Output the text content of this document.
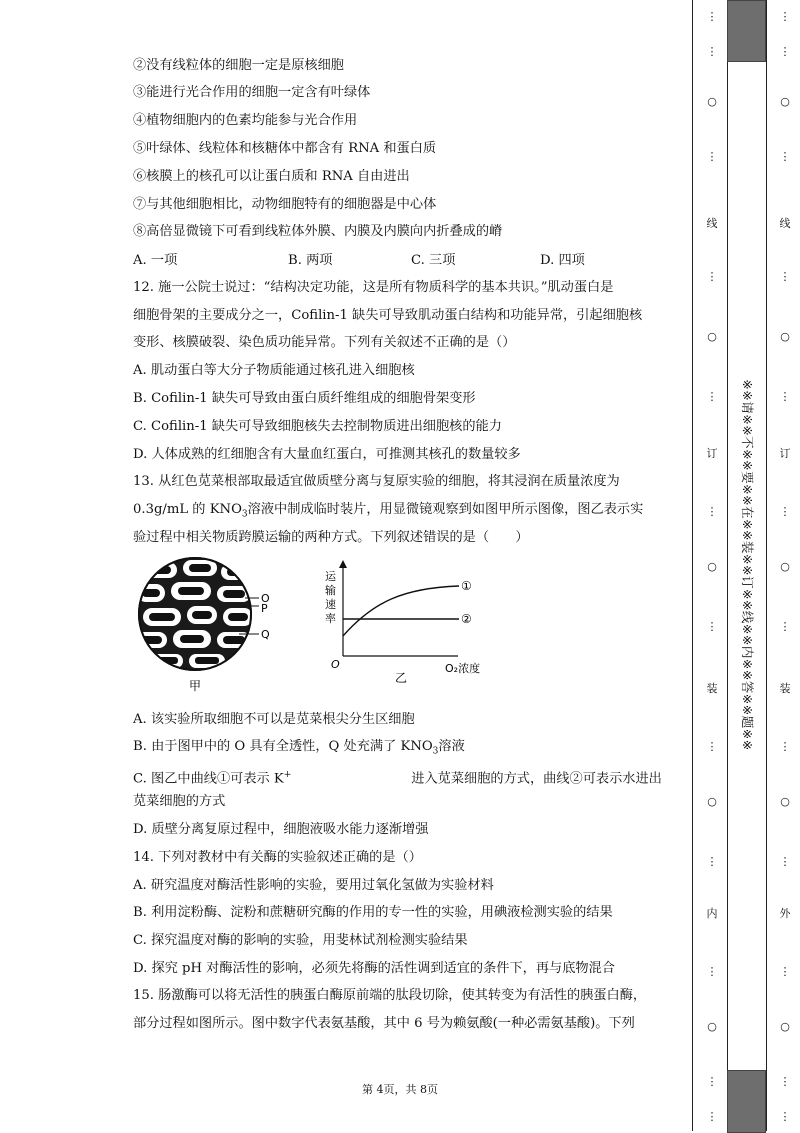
②没有线粒体的细胞一定是原核细胞
③能进行光合作用的细胞一定含有叶绿体
④植物细胞内的色素均能参与光合作用
⑤叶绿体、线粒体和核糖体中都含有 RNA 和蛋白质
⑥核膜上的核孔可以让蛋白质和 RNA 自由进出
⑦与其他细胞相比，动物细胞特有的细胞器是中心体
⑧高倍显微镜下可看到线粒体外膜、内膜及内膜向内折叠成的嵴
A. 一项	B. 两项	C. 三项	D. 四项
12. 施一公院士说过：“结构决定功能，这是所有物质科学的基本共识。”肌动蛋白是
细胞骨架的主要成分之一，Cofilin-1 缺失可导致肌动蛋白结构和功能异常，引起细胞核
变形、核膜破裂、染色质功能异常。下列有关叙述不正确的是（）
A. 肌动蛋白等大分子物质能通过核孔进入细胞核
B. Cofilin-1 缺失可导致由蛋白质纤维组成的细胞骨架变形
C. Cofilin-1 缺失可导致细胞核失去控制物质进出细胞核的能力
D. 人体成熟的红细胞含有大量血红蛋白，可推测其核孔的数量较多
13. 从红色苋菜根部取最适宜做质壁分离与复原实验的细胞，将其浸润在质量浓度为
0.3g/mL 的 $KNO_3$溶液中制成临时装片，用显微镜观察到如图甲所示图像，图乙表示实
验过程中相关物质跨膜运输的两种方式。下列叙述错误的是（　　）
A. 该实验所取细胞不可以是苋菜根尖分生区细胞
B. 由于图甲中的 O 具有全透性，Q 处充满了 $KNO_3$溶液
C. 图乙中曲线①可表示 K+	进入苋菜细胞的方式，曲线②可表示水进出
苋菜细胞的方式
D. 质壁分离复原过程中，细胞液吸水能力逐渐增强
14. 下列对教材中有关酶的实验叙述正确的是（）
A. 研究温度对酶活性影响的实验，要用过氧化氢做为实验材料
B. 利用淀粉酶、淀粉和蔗糖研究酶的作用的专一性的实验，用碘液检测实验的结果
C. 探究温度对酶的影响的实验，用斐林试剂检测实验结果
D. 探究 pH 对酶活性的影响，必须先将酶的活性调到适宜的条件下，再与底物混合
15. 肠激酶可以将无活性的胰蛋白酶原前端的肽段切除，使其转变为有活性的胰蛋白酶，
部分过程如图所示。图中数字代表氨基酸，其中 6 号为赖氨酸(一种必需氨基酸)。下列
O
P
Q
甲
运
输
速
率
O
乙
O₂浓度
①
②
第 4页，共 8页
⋮
⋮
○
⋮
线
⋮
○
⋮
订
⋮
○
⋮
装
⋮
○
⋮
内
⋮
○
⋮
⋮
⋮
⋮
○
⋮
线
⋮
○
⋮
订
⋮
○
⋮
装
⋮
○
⋮
外
⋮
○
⋮
⋮
※※请※※不※※要※※在※※装※※订※※线※※内※※答※※题※※
